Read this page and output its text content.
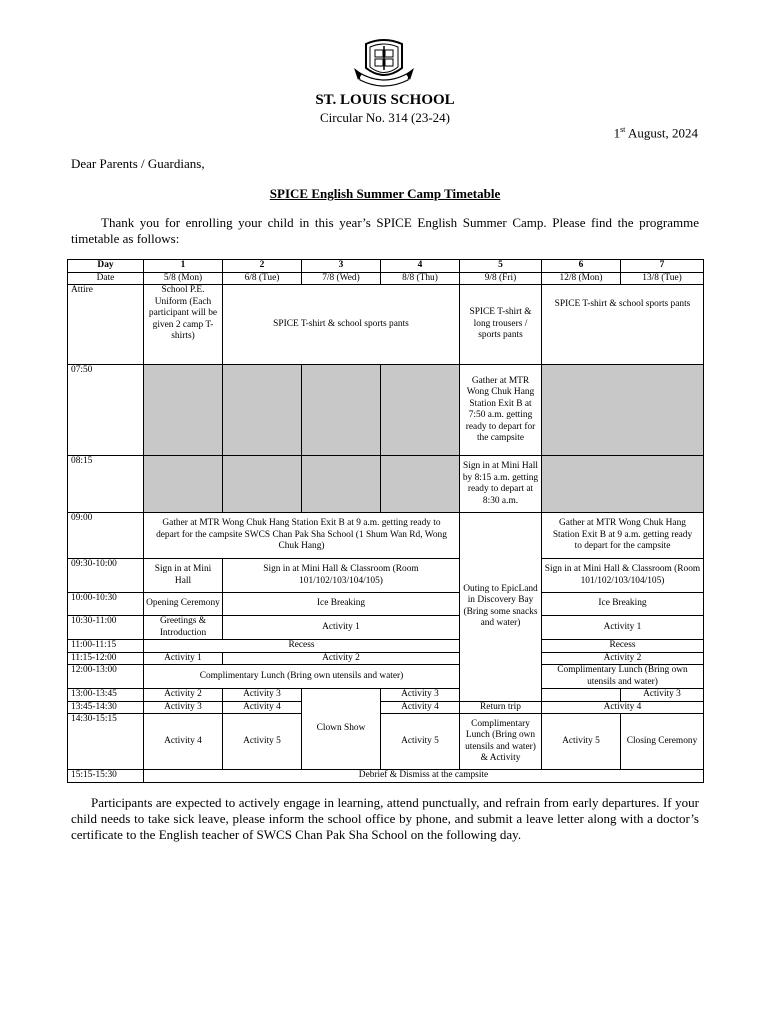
ST. LOUIS SCHOOL
Circular No. 314 (23-24)
1st August, 2024
Dear Parents / Guardians,
SPICE English Summer Camp Timetable
Thank you for enrolling your child in this year’s SPICE English Summer Camp. Please find the programme timetable as follows:
Day	1	2	3	4	5	6	7
Date	5/8 (Mon)	6/8 (Tue)	7/8 (Wed)	8/8 (Thu)	9/8 (Fri)	12/8 (Mon)	13/8 (Tue)
Attire	School P.E. Uniform (Each participant will be given 2 camp T-shirts)	SPICE T-shirt & school sports pants			SPICE T-shirt & long trousers / sports pants	SPICE T-shirt & school sports pants	
07:50					Gather at MTR Wong Chuk Hang Station Exit B at 7:50 a.m. getting ready to depart for the campsite		
08:15					Sign in at Mini Hall by 8:15 a.m. getting ready to depart at 8:30 a.m.		
09:00	Gather at MTR Wong Chuk Hang Station Exit B at 9 a.m. getting ready to depart for the campsite SWCS Chan Pak Sha School (1 Shum Wan Rd, Wong Chuk Hang)				Outing to EpicLand in Discovery Bay (Bring some snacks and water)	Gather at MTR Wong Chuk Hang Station Exit B at 9 a.m. getting ready to depart for the campsite	
09:30-10:00	Sign in at Mini Hall	Sign in at Mini Hall & Classroom (Room 101/102/103/104/105)				Sign in at Mini Hall & Classroom (Room 101/102/103/104/105)	
10:00-10:30	Opening Ceremony	Ice Breaking				Ice Breaking	
10:30-11:00	Greetings & Introduction	Activity 1				Activity 1	
11:00-11:15	Recess					Recess	
11:15-12:00	Activity 1	Activity 2				Activity 2	
12:00-13:00	Complimentary Lunch (Bring own utensils and water)					Complimentary Lunch (Bring own utensils and water)	
13:00-13:45	Activity 2	Activity 3	Clown Show	Activity 3			Activity 3
13:45-14:30	Activity 3	Activity 4		Activity 4	Return trip	Activity 4	
14:30-15:15	Activity 4	Activity 5		Activity 5	Complimentary Lunch (Bring own utensils and water) & Activity	Activity 5	Closing Ceremony
15:15-15:30	Debrief & Dismiss at the campsite						
Participants are expected to actively engage in learning, attend punctually, and refrain from early departures. If your child needs to take sick leave, please inform the school office by phone, and submit a leave letter along with a doctor’s certificate to the English teacher of SWCS Chan Pak Sha School on the following day.
